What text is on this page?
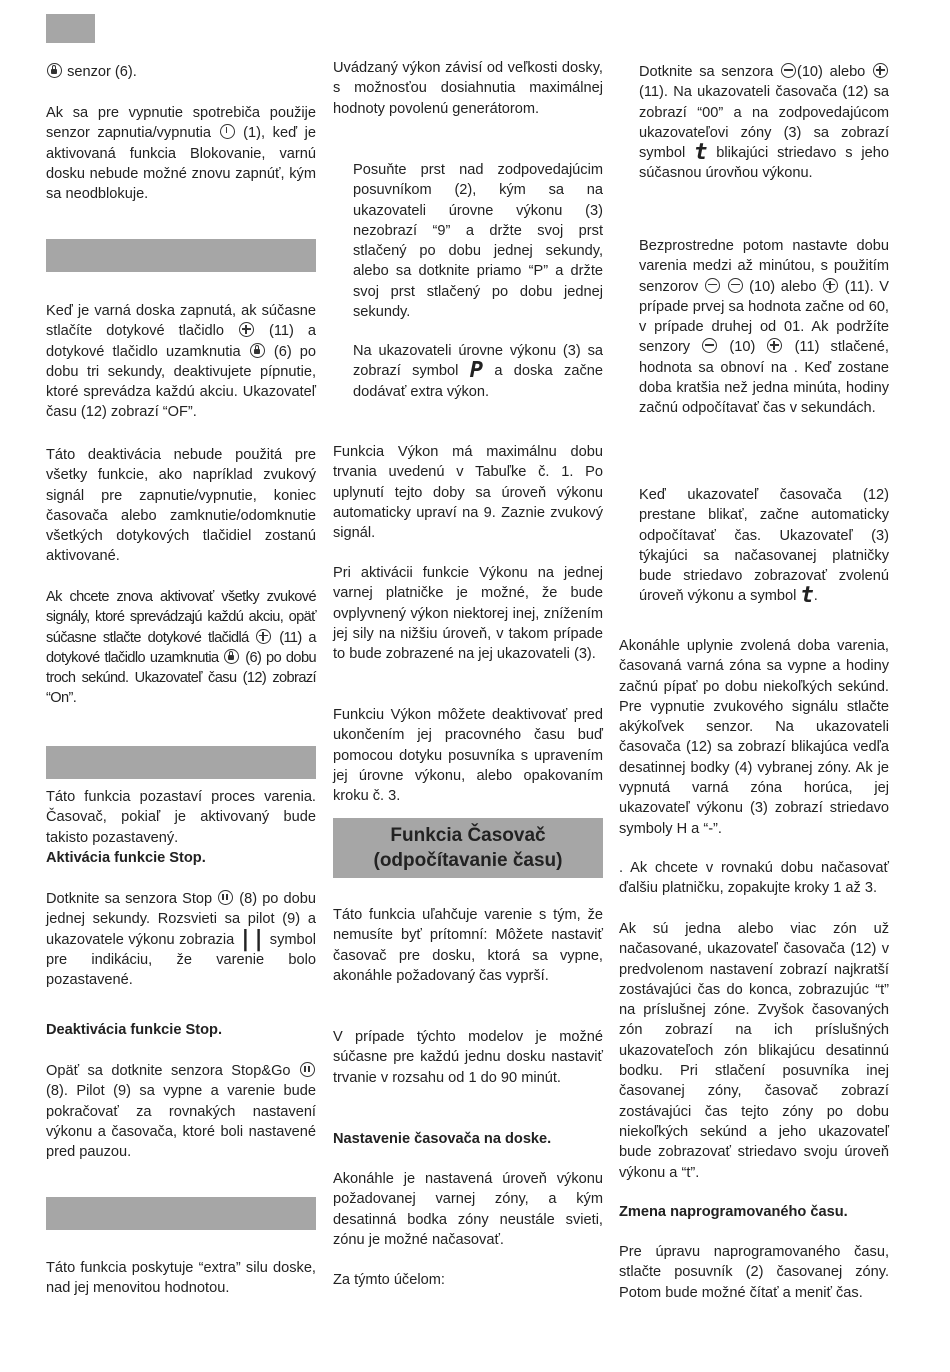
senzor (6).

Ak sa pre vypnutie spotrebiča použije senzor zapnutia/vypnutia (1), keď je aktivovaná funkcia Blokovanie, varnú dosku nebude možné znovu zapnúť, kým sa neodblokuje.

Keď je varná doska zapnutá, ak súčasne stlačíte dotykové tlačidlo	(11) a dotykové tlačidlo uzamknutia (6) po dobu tri sekundy, deaktivujete pípnutie, ktoré sprevádza každú akciu. Ukazovateľ času (12) zobrazí “OF”.

Táto deaktivácia nebude použitá pre všetky funkcie, ako napríklad zvukový signál pre zapnutie/vypnutie, koniec časovača alebo zamknutie/odomknutie všetkých dotykových tlačidiel zostanú aktivované.

Ak chcete znova aktivovať všetky zvukové signály, ktoré sprevádzajú každú akciu, opäť súčasne stlačte dotykové tlačidlá (11) a dotykové tlačidlo uzamknutia (6) po dobu troch sekúnd. Ukazovateľ času (12) zobrazí “On”.

Táto funkcia pozastaví proces varenia. Časovač, pokiaľ je aktivovaný bude takisto pozastavený.

Aktivácia funkcie Stop.

Dotknite sa senzora Stop (8) po dobu jednej sekundy. Rozsvieti sa pilot (9) a ukazovatele výkonu zobrazia || symbol pre indikáciu, že varenie bolo pozastavené.

Deaktivácia funkcie Stop.

Opäť sa dotknite senzora Stop&Go  (8). Pilot (9) sa vypne a varenie bude pokračovať za rovnakých nastavení výkonu a časovača, ktoré boli nastavené pred pauzou.

Táto funkcia poskytuje “extra” silu doske, nad jej menovitou hodnotou.

Uvádzaný výkon závisí od veľkosti dosky, s možnosťou dosiahnutia maximálnej hodnoty povolenú generátorom.

Posuňte prst nad zodpovedajúcim posuvníkom (2), kým sa na ukazovateli úrovne výkonu (3) nezobrazí “9” a držte svoj prst stlačený po dobu jednej sekundy, alebo sa dotknite priamo “P” a držte svoj prst stlačený po dobu jednej sekundy.

Na ukazovateli úrovne výkonu (3) sa zobrazí symbol P a doska začne dodávať extra výkon.

Funkcia Výkon má maximálnu dobu trvania uvedenú v Tabuľke č. 1. Po uplynutí tejto doby sa úroveň výkonu automaticky upraví na 9. Zaznie zvukový signál.

Pri aktivácii funkcie Výkonu na jednej varnej platničke je možné, že bude ovplyvnený výkon niektorej inej, znížením jej sily na nižšiu úroveň, v takom prípade to bude zobrazené na jej ukazovateli (3).

Funkciu Výkon môžete deaktivovať pred ukončením jej pracovného času buď pomocou dotyku posuvníka s upravením jej úrovne výkonu, alebo opakovaním kroku č. 3.

Funkcia Časovač
(odpočítavanie času)

Táto funkcia uľahčuje varenie s tým, že nemusíte byť prítomní: Môžete nastaviť časovač pre dosku, ktorá sa vypne, akonáhle požadovaný čas vyprší.

V prípade týchto modelov je možné súčasne pre každú jednu dosku nastaviť trvanie v rozsahu od 1 do 90 minút.

Nastavenie časovača na doske.

Akonáhle je nastavená úroveň výkonu požadovanej varnej zóny, a kým desatinná bodka zóny neustále svieti, zónu je možné načasovať.

Za týmto účelom:

Dotknite sa senzora (10) alebo  (11). Na ukazovateli časovača (12) sa zobrazí “00” a na zodpovedajúcom ukazovateľovi zóny (3) sa zobrazí symbol t blikajúci striedavo s jeho súčasnou úrovňou výkonu.

Bezprostredne potom nastavte dobu varenia medzi až minútou, s použitím senzorov	(10) alebo (11). V prípade prvej sa hodnota začne od 60, v prípade druhej od 01. Ak podržíte senzory	(10)	(11) stlačené, hodnota sa obnoví na . Keď zostane doba kratšia než jedna minúta, hodiny začnú odpočítavať čas v sekundách.

Keď ukazovateľ časovača (12) prestane blikať, začne automaticky odpočítavať čas. Ukazovateľ (3) týkajúci sa načasovanej platničky bude striedavo zobrazovať zvolenú úroveň výkonu a symbol t.

Akonáhle uplynie zvolená doba varenia, časovaná varná zóna sa vypne a hodiny začnú pípať po dobu niekoľkých sekúnd. Pre vypnutie zvukového signálu stlačte akýkoľvek senzor. Na ukazovateli časovača (12) sa zobrazí blikajúca vedľa desatinnej bodky (4) vybranej zóny. Ak je vypnutá varná zóna horúca, jej ukazovateľ výkonu (3) zobrazí striedavo symboly H a “-”.

. Ak chcete v rovnakú dobu načasovať ďalšiu platničku, zopakujte kroky 1 až 3.

Ak sú jedna alebo viac zón už načasované, ukazovateľ časovača (12) v predvolenom nastavení zobrazí najkratší zostávajúci čas do konca, zobrazujúc “t” na príslušnej zóne. Zvyšok časovaných zón zobrazí na ich príslušných ukazovateľoch zón blikajúcu desatinnú bodku. Pri stlačení posuvníka inej časovanej zóny, časovač zobrazí zostávajúci čas tejto zóny po dobu niekoľkých sekúnd a jeho ukazovateľ bude zobrazovať striedavo svoju úroveň výkonu a “t”.

Zmena naprogramovaného času.

Pre úpravu naprogramovaného času, stlačte posuvník (2) časovanej zóny. Potom bude možné čítať a meniť čas.
